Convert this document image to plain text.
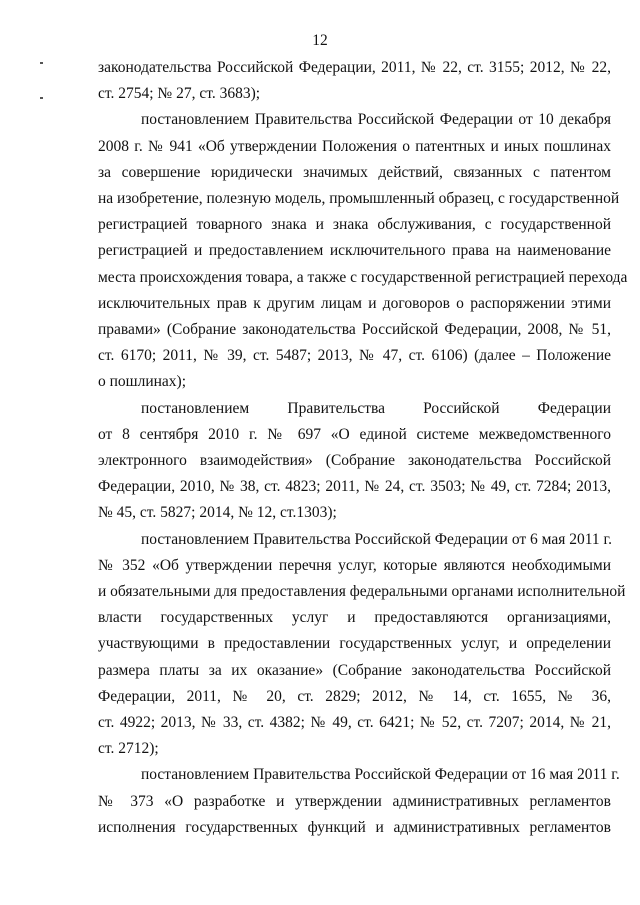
12
законодательства Российской Федерации, 2011, № 22, ст. 3155; 2012, № 22,
ст. 2754; № 27, ст. 3683);
постановлением Правительства Российской Федерации от 10 декабря
2008 г. № 941 «Об утверждении Положения о патентных и иных пошлинах
за совершение юридически значимых действий, связанных с патентом
на изобретение, полезную модель, промышленный образец, с государственной
регистрацией товарного знака и знака обслуживания, с государственной
регистрацией и предоставлением исключительного права на наименование
места происхождения товара, а также с государственной регистрацией перехода
исключительных прав к другим лицам и договоров о распоряжении этими
правами» (Собрание законодательства Российской Федерации, 2008, № 51,
ст. 6170; 2011, № 39, ст. 5487; 2013, № 47, ст. 6106) (далее – Положение
о пошлинах);
постановлением Правительства Российской Федерации
от 8 сентября 2010 г. № 697 «О единой системе межведомственного
электронного взаимодействия» (Собрание законодательства Российской
Федерации, 2010, № 38, ст. 4823; 2011, № 24, ст. 3503; № 49, ст. 7284; 2013,
№ 45, ст. 5827; 2014, № 12, ст.1303);
постановлением Правительства Российской Федерации от 6 мая 2011 г.
№ 352 «Об утверждении перечня услуг, которые являются необходимыми
и обязательными для предоставления федеральными органами исполнительной
власти государственных услуг и предоставляются организациями,
участвующими в предоставлении государственных услуг, и определении
размера платы за их оказание» (Собрание законодательства Российской
Федерации, 2011, № 20, ст. 2829; 2012, № 14, ст. 1655, № 36,
ст. 4922; 2013, № 33, ст. 4382; № 49, ст. 6421; № 52, ст. 7207; 2014, № 21,
ст. 2712);
постановлением Правительства Российской Федерации от 16 мая 2011 г.
№ 373 «О разработке и утверждении административных регламентов
исполнения государственных функций и административных регламентов
